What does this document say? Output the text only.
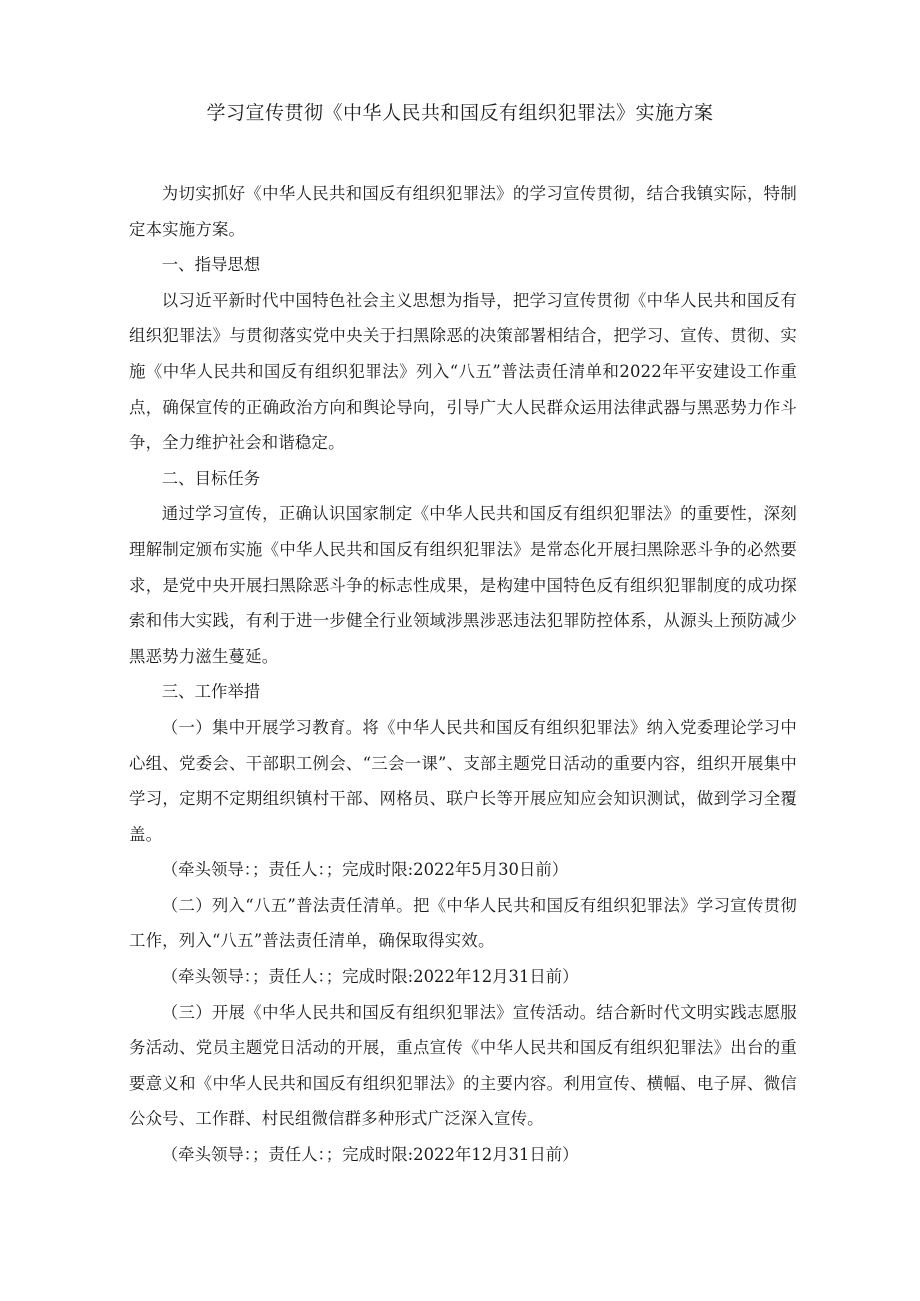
学习宣传贯彻《中华人民共和国反有组织犯罪法》实施方案

为切实抓好《中华人民共和国反有组织犯罪法》的学习宣传贯彻，结合我镇实际，特制定本实施方案。

一、指导思想

以习近平新时代中国特色社会主义思想为指导，把学习宣传贯彻《中华人民共和国反有组织犯罪法》与贯彻落实党中央关于扫黑除恶的决策部署相结合，把学习、宣传、贯彻、实施《中华人民共和国反有组织犯罪法》列入“八五”普法责任清单和2022年平安建设工作重点，确保宣传的正确政治方向和舆论导向，引导广大人民群众运用法律武器与黑恶势力作斗争，全力维护社会和谐稳定。

二、目标任务

通过学习宣传，正确认识国家制定《中华人民共和国反有组织犯罪法》的重要性，深刻理解制定颁布实施《中华人民共和国反有组织犯罪法》是常态化开展扫黑除恶斗争的必然要求，是党中央开展扫黑除恶斗争的标志性成果，是构建中国特色反有组织犯罪制度的成功探索和伟大实践，有利于进一步健全行业领域涉黑涉恶违法犯罪防控体系，从源头上预防减少黑恶势力滋生蔓延。

三、工作举措

（一）集中开展学习教育。将《中华人民共和国反有组织犯罪法》纳入党委理论学习中心组、党委会、干部职工例会、“三会一课”、支部主题党日活动的重要内容，组织开展集中学习，定期不定期组织镇村干部、网格员、联户长等开展应知应会知识测试，做到学习全覆盖。

（牵头领导：；责任人：；完成时限:2022年5月30日前）

（二）列入“八五”普法责任清单。把《中华人民共和国反有组织犯罪法》学习宣传贯彻工作，列入“八五”普法责任清单，确保取得实效。

（牵头领导：；责任人：；完成时限:2022年12月31日前）

（三）开展《中华人民共和国反有组织犯罪法》宣传活动。结合新时代文明实践志愿服务活动、党员主题党日活动的开展，重点宣传《中华人民共和国反有组织犯罪法》出台的重要意义和《中华人民共和国反有组织犯罪法》的主要内容。利用宣传、横幅、电子屏、微信公众号、工作群、村民组微信群多种形式广泛深入宣传。

（牵头领导：；责任人：；完成时限:2022年12月31日前）
